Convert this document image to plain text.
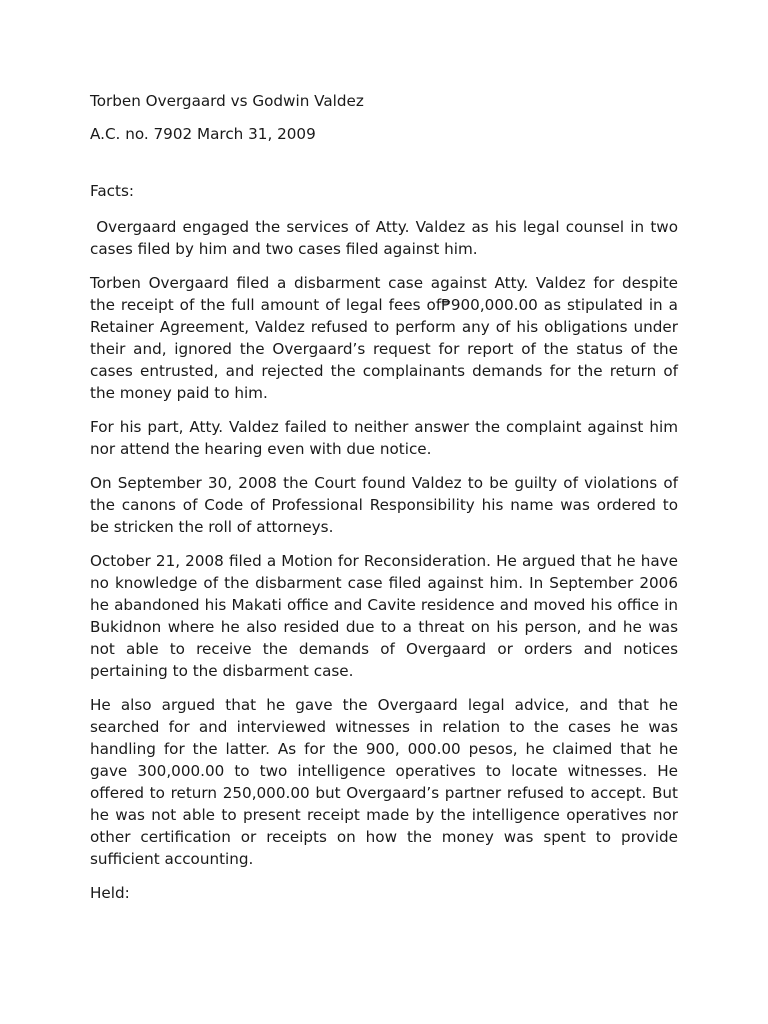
Torben Overgaard vs Godwin Valdez

A.C. no. 7902 March 31, 2009

Facts:

Overgaard engaged the services of Atty. Valdez as his legal counsel in two cases filed by him and two cases filed against him.

Torben Overgaard filed a disbarment case against Atty. Valdez for despite the receipt of the full amount of legal fees of₱900,000.00 as stipulated in a Retainer Agreement, Valdez refused to perform any of his obligations under their and, ignored the Overgaard’s request for report of the status of the cases entrusted, and rejected the complainants demands for the return of the money paid to him.

For his part, Atty. Valdez failed to neither answer the complaint against him nor attend the hearing even with due notice.

On September 30, 2008 the Court found Valdez to be guilty of violations of the canons of Code of Professional Responsibility his name was ordered to be stricken the roll of attorneys.

October 21, 2008 filed a Motion for Reconsideration. He argued that he have no knowledge of the disbarment case filed against him. In September 2006 he abandoned his Makati office and Cavite residence and moved his office in Bukidnon where he also resided due to a threat on his person, and he was not able to receive the demands of Overgaard or orders and notices pertaining to the disbarment case.

He also argued that he gave the Overgaard legal advice, and that he searched for and interviewed witnesses in relation to the cases he was handling for the latter. As for the 900, 000.00 pesos, he claimed that he gave 300,000.00 to two intelligence operatives to locate witnesses. He offered to return 250,000.00 but Overgaard’s partner refused to accept. But he was not able to present receipt made by the intelligence operatives nor other certification or receipts on how the money was spent to provide sufficient accounting.

Held:
